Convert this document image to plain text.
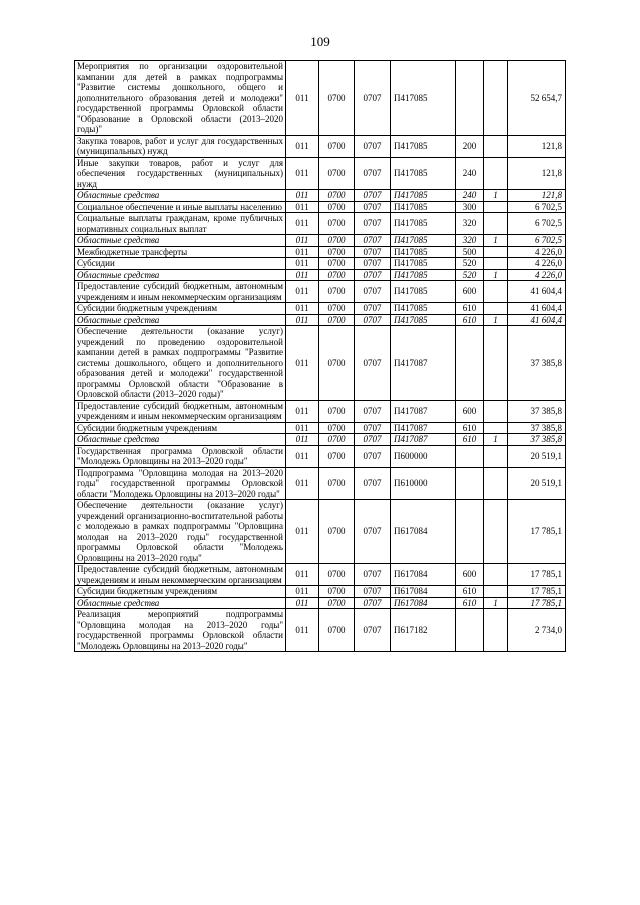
109
Мероприятия по организации оздоровительной кампании для детей в рамках подпрограммы "Развитие системы дошкольного, общего и дополнительного образования детей и молодежи" государственной программы Орловской области "Образование в Орловской области (2013–2020 годы)"	011	0700	0707	П417085			52 654,7
Закупка товаров, работ и услуг для государственных (муниципальных) нужд	011	0700	0707	П417085	200		121,8
Иные закупки товаров, работ и услуг для обеспечения государственных (муниципальных) нужд	011	0700	0707	П417085	240		121,8
Областные средства	011	0700	0707	П417085	240	1	121,8
Социальное обеспечение и иные выплаты населению	011	0700	0707	П417085	300		6 702,5
Социальные выплаты гражданам, кроме публичных нормативных социальных выплат	011	0700	0707	П417085	320		6 702,5
Областные средства	011	0700	0707	П417085	320	1	6 702,5
Межбюджетные трансферты	011	0700	0707	П417085	500		4 226,0
Субсидии	011	0700	0707	П417085	520		4 226,0
Областные средства	011	0700	0707	П417085	520	1	4 226,0
Предоставление субсидий бюджетным, автономным учреждениям и иным некоммерческим организациям	011	0700	0707	П417085	600		41 604,4
Субсидии бюджетным учреждениям	011	0700	0707	П417085	610		41 604,4
Областные средства	011	0700	0707	П417085	610	1	41 604,4
Обеспечение деятельности (оказание услуг) учреждений по проведению оздоровительной кампании детей в рамках подпрограммы "Развитие системы дошкольного, общего и дополнительного образования детей и молодежи" государственной программы Орловской области "Образование в Орловской области (2013–2020 годы)"	011	0700	0707	П417087			37 385,8
Предоставление субсидий бюджетным, автономным учреждениям и иным некоммерческим организациям	011	0700	0707	П417087	600		37 385,8
Субсидии бюджетным учреждениям	011	0700	0707	П417087	610		37 385,8
Областные средства	011	0700	0707	П417087	610	1	37 385,8
Государственная программа Орловской области "Молодежь Орловщины на 2013–2020 годы"	011	0700	0707	П600000			20 519,1
Подпрограмма "Орловщина молодая на 2013–2020 годы" государственной программы Орловской области "Молодежь Орловщины на 2013–2020 годы"	011	0700	0707	П610000			20 519,1
Обеспечение деятельности (оказание услуг) учреждений организационно-воспитательной работы с молодежью в рамках подпрограммы "Орловщина молодая на 2013–2020 годы" государственной программы Орловской области "Молодежь Орловщины на 2013–2020 годы"	011	0700	0707	П617084			17 785,1
Предоставление субсидий бюджетным, автономным учреждениям и иным некоммерческим организациям	011	0700	0707	П617084	600		17 785,1
Субсидии бюджетным учреждениям	011	0700	0707	П617084	610		17 785,1
Областные средства	011	0700	0707	П617084	610	1	17 785,1
Реализация мероприятий подпрограммы "Орловщина молодая на 2013–2020 годы" государственной программы Орловской области "Молодежь Орловщины на 2013–2020 годы"	011	0700	0707	П617182			2 734,0
